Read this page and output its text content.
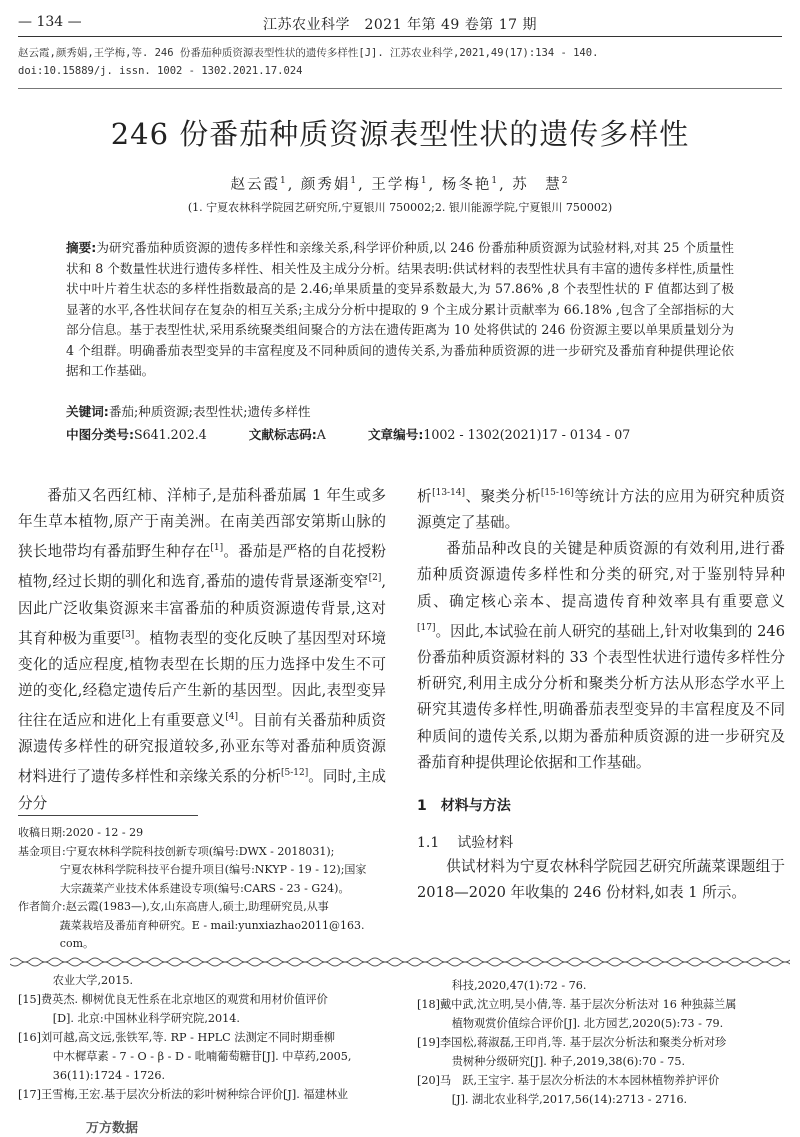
— 134 —	江苏农业科学　2021 年第 49 卷第 17 期
赵云霞,颜秀娟,王学梅,等. 246 份番茄种质资源表型性状的遗传多样性[J]. 江苏农业科学,2021,49(17):134 - 140.
doi:10.15889/j. issn. 1002 - 1302.2021.17.024
246 份番茄种质资源表型性状的遗传多样性
赵云霞$^1$, 颜秀娟$^1$, 王学梅$^1$, 杨冬艳$^1$, 苏　慧$^2$
(1. 宁夏农林科学院园艺研究所,宁夏银川 750002;2. 银川能源学院,宁夏银川 750002)
摘要:为研究番茄种质资源的遗传多样性和亲缘关系,科学评价种质,以 246 份番茄种质资源为试验材料,对其 25 个质量性状和 8 个数量性状进行遗传多样性、相关性及主成分分析。结果表明:供试材料的表型性状具有丰富的遗传多样性,质量性状中叶片着生状态的多样性指数最高的是 2.46;单果质量的变异系数最大,为 57.86% ,8 个表型性状的 F 值都达到了极显著的水平,各性状间存在复杂的相互关系;主成分分析中提取的 9 个主成分累计贡献率为 66.18% ,包含了全部指标的大部分信息。基于表型性状,采用系统聚类组间聚合的方法在遗传距离为 10 处将供试的 246 份资源主要以单果质量划分为 4 个组群。明确番茄表型变异的丰富程度及不同种质间的遗传关系,为番茄种质资源的进一步研究及番茄育种提供理论依据和工作基础。
关键词:番茄;种质资源;表型性状;遗传多样性
中图分类号:S641.202.4	文献标志码:A	文章编号:1002 - 1302(2021)17 - 0134 - 07

番茄又名西红柿、洋柿子,是茄科番茄属 1 年生或多年生草本植物,原产于南美洲。在南美西部安第斯山脉的狭长地带均有番茄野生种存在[1]。番茄是严格的自花授粉植物,经过长期的驯化和选育,番茄的遗传背景逐渐变窄[2],因此广泛收集资源来丰富番茄的种质资源遗传背景,这对其育种极为重要[3]。植物表型的变化反映了基因型对环境变化的适应程度,植物表型在长期的压力选择中发生不可逆的变化,经稳定遗传后产生新的基因型。因此,表型变异往往在适应和进化上有重要意义[4]。目前有关番茄种质资源遗传多样性的研究报道较多,孙亚东等对番茄种质资源材料进行了遗传多样性和亲缘关系的分析[5-12]。同时,主成分分

析[13-14]、聚类分析[15-16]等统计方法的应用为研究种质资源奠定了基础。

番茄品种改良的关键是种质资源的有效利用,进行番茄种质资源遗传多样性和分类的研究,对于鉴别特异种质、确定核心亲本、提高遗传育种效率具有重要意义[17]。因此,本试验在前人研究的基础上,针对收集到的 246 份番茄种质资源材料的 33 个表型性状进行遗传多样性分析研究,利用主成分分析和聚类分析方法从形态学水平上研究其遗传多样性,明确番茄表型变异的丰富程度及不同种质间的遗传关系,以期为番茄种质资源的进一步研究及番茄育种提供理论依据和工作基础。

1 材料与方法
1.1 试验材料

供试材料为宁夏农林科学院园艺研究所蔬菜课题组于 2018—2020 年收集的 246 份材料,如表 1 所示。

收稿日期:2020 - 12 - 29
基金项目:宁夏农林科学院科技创新专项(编号:DWX - 2018031);
宁夏农林科学院科技平台提升项目(编号:NKYP - 19 - 12);国家
大宗蔬菜产业技术体系建设专项(编号:CARS - 23 - G24)。
作者简介:赵云霞(1983—),女,山东高唐人,硕士,助理研究员,从事
蔬菜栽培及番茄育种研究。E - mail:yunxiazhao2011@163. com。
农业大学,2015.
[15]费英杰. 柳树优良无性系在北京地区的观赏和用材价值评价
[D]. 北京:中国林业科学研究院,2014.
[16]刘可越,高文远,张铁军,等. RP - HPLC 法测定不同时期垂柳
中木樨草素 - 7 - O - β - D - 吡喃葡萄糖苷[J]. 中草药,2005,
36(11):1724 - 1726.
[17]王雪梅,王宏.基于层次分析法的彩叶树种综合评价[J]. 福建林业
科技,2020,47(1):72 - 76.
[18]戴中武,沈立明,吴小倩,等. 基于层次分析法对 16 种独蒜兰属
植物观赏价值综合评价[J]. 北方园艺,2020(5):73 - 79.
[19]李国松,蒋淑磊,王印肖,等. 基于层次分析法和聚类分析对珍
贵树种分级研究[J]. 种子,2019,38(6):70 - 75.
[20]马　跃,王宝宇. 基于层次分析法的木本园林植物养护评价
[J]. 湖北农业科学,2017,56(14):2713 - 2716.
万方数据
